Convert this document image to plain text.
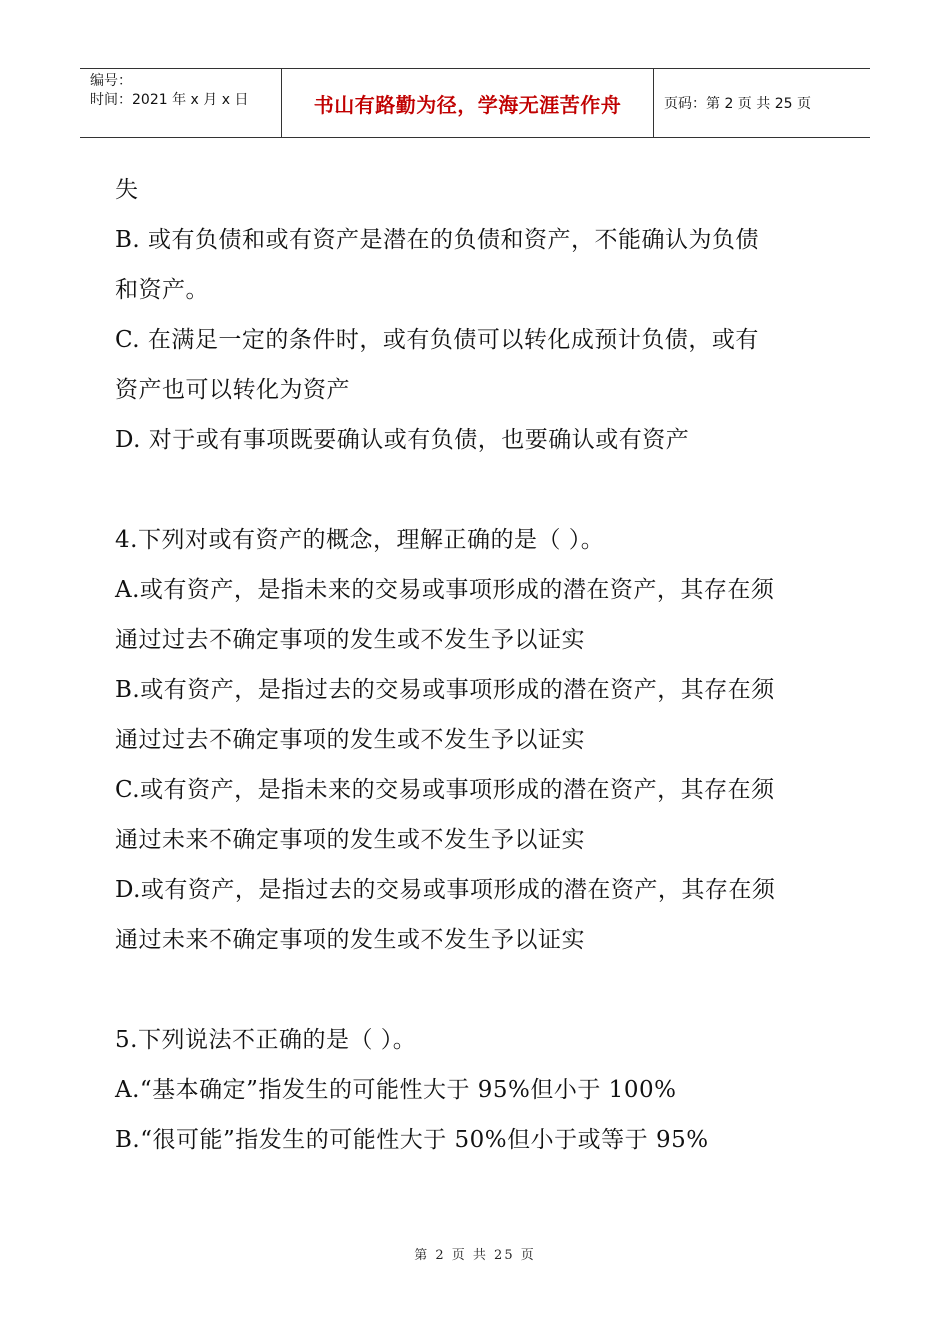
编号：
时间：2021 年 x 月 x 日	书山有路勤为径，学海无涯苦作舟	页码：第 2 页 共 25 页

失

B. 或有负债和或有资产是潜在的负债和资产，不能确认为负债

和资产。

C. 在满足一定的条件时，或有负债可以转化成预计负债，或有

资产也可以转化为资产

D. 对于或有事项既要确认或有负债，也要确认或有资产

4.下列对或有资产的概念，理解正确的是（ ）。

A.或有资产，是指未来的交易或事项形成的潜在资产，其存在须

通过过去不确定事项的发生或不发生予以证实

B.或有资产，是指过去的交易或事项形成的潜在资产，其存在须

通过过去不确定事项的发生或不发生予以证实

C.或有资产，是指未来的交易或事项形成的潜在资产，其存在须

通过未来不确定事项的发生或不发生予以证实

D.或有资产，是指过去的交易或事项形成的潜在资产，其存在须

通过未来不确定事项的发生或不发生予以证实

5.下列说法不正确的是（ ）。

A.“基本确定”指发生的可能性大于 95%但小于 100%

B.“很可能”指发生的可能性大于 50%但小于或等于 95%

第 2 页 共 25 页
